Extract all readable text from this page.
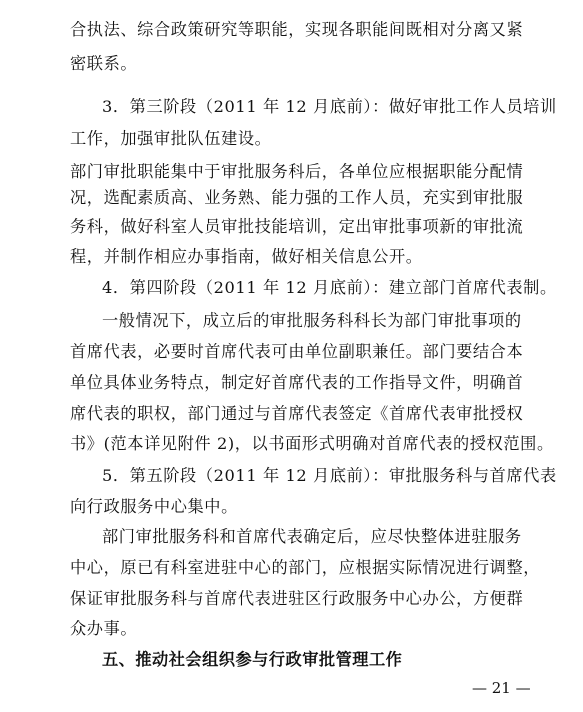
合执法、综合政策研究等职能，实现各职能间既相对分离又紧
密联系。
3．第三阶段（2011 年 12 月底前）：做好审批工作人员培训
工作，加强审批队伍建设。
部门审批职能集中于审批服务科后，各单位应根据职能分配情
况，选配素质高、业务熟、能力强的工作人员，充实到审批服
务科，做好科室人员审批技能培训，定出审批事项新的审批流
程，并制作相应办事指南，做好相关信息公开。
4．第四阶段（2011 年 12 月底前）：建立部门首席代表制。
一般情况下，成立后的审批服务科科长为部门审批事项的
首席代表，必要时首席代表可由单位副职兼任。部门要结合本
单位具体业务特点，制定好首席代表的工作指导文件，明确首
席代表的职权，部门通过与首席代表签定《首席代表审批授权
书》(范本详见附件 2)，以书面形式明确对首席代表的授权范围。
5．第五阶段（2011 年 12 月底前）：审批服务科与首席代表
向行政服务中心集中。
部门审批服务科和首席代表确定后，应尽快整体进驻服务
中心，原已有科室进驻中心的部门，应根据实际情况进行调整，
保证审批服务科与首席代表进驻区行政服务中心办公，方便群
众办事。
五、推动社会组织参与行政审批管理工作
— 21 —
